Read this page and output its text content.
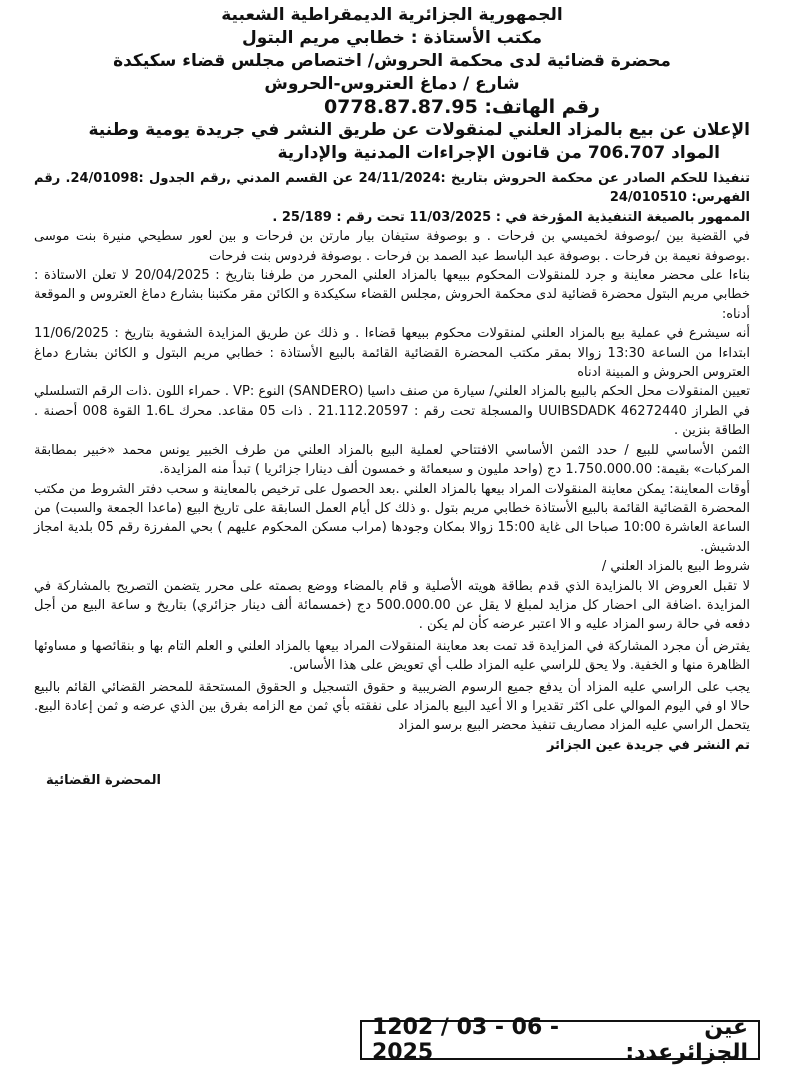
الجمهورية الجزائرية الديمقراطية الشعبية

مكتب الأستاذة : خطابي مريم البتول

محضرة قضائية لدى محكمة الحروش/ اختصاص مجلس قضاء سكيكدة

شارع / دماغ العتروس-الحروش

رقم الهاتف: 0778.87.87.95

الإعلان عن بيع بالمزاد العلني لمنقولات عن طريق النشر في جريدة يومية وطنية

المواد 706.707 من قانون الإجراءات المدنية والإدارية

تنفيذا للحكم الصادر عن محكمة الحروش بتاريخ :24/11/2024 عن القسم المدني ,رقم الجدول :24/01098. رقم الفهرس: 24/010510

الممهور بالصيغة التنفيذية المؤرخة في : 11/03/2025 تحت رقم : 25/189 .

في القضية بين /بوصوفة لخميسي بن فرحات . و بوصوفة ستيفان بيار مارتن بن فرحات و بين لعور سطيحي منيرة بنت موسى .بوصوفة نعيمة بن فرحات . بوصوفة عبد الباسط عبد الصمد بن فرحات . بوصوفة فردوس بنت فرحات

بناءا على محضر معاينة و جرد للمنقولات المحكوم ببيعها بالمزاد العلني المحرر من طرفنا بتاريخ : 20/04/2025 لا تعلن الاستاذة : خطابي مريم البتول محضرة قضائية لدى محكمة الحروش ,مجلس القضاء سكيكدة و الكائن مقر مكتبنا بشارع دماغ العتروس و الموقعة أدناه:

أنه سيشرع في عملية بيع بالمزاد العلني لمنقولات محكوم ببيعها قضاءا . و ذلك عن طريق المزايدة الشفوية بتاريخ : 11/06/2025 ابتداءا من الساعة 13:30 زوالا بمقر مكتب المحضرة القضائية القائمة بالبيع الأستاذة : خطابي مريم البتول و الكائن بشارع دماغ العتروس الحروش و المبينة ادناه

تعيين المنقولات محل الحكم بالبيع بالمزاد العلني/ سيارة من صنف داسيا (SANDERO) النوع :VP . حمراء اللون .ذات الرقم التسلسلي في الطراز UUIBSDADK 46272440 والمسجلة تحت رقم : 21.112.20597 . ذات 05 مقاعد. محرك 1.6L القوة 008 أحصنة . الطاقة بنزين .

الثمن الأساسي للبيع / حدد الثمن الأساسي الافتتاحي لعملية البيع بالمزاد العلني من طرف الخبير يونس محمد «خبير بمطابقة المركبات» بقيمة: 1.750.000.00 دج (واحد مليون و سبعمائة و خمسون ألف دينارا جزائريا ) تبدأ منه المزايدة.

أوقات المعاينة: يمكن معاينة المنقولات المراد بيعها بالمزاد العلني .بعد الحصول على ترخيص بالمعاينة و سحب دفتر الشروط من مكتب المحضرة القضائية القائمة بالبيع الأستاذة خطابي مريم بتول .و ذلك كل أيام العمل السابقة على تاريخ البيع (ماعدا الجمعة والسبت) من الساعة العاشرة 10:00 صباحا الى غاية 15:00 زوالا بمكان وجودها (مراب مسكن المحكوم عليهم ) بحي المفرزة رقم 05 بلدية امجاز الدشيش.

شروط البيع بالمزاد العلني /

لا تقبل العروض الا بالمزايدة الذي قدم بطاقة هويته الأصلية و قام بالمضاء ووضع بصمته على محرر يتضمن التصريح بالمشاركة في المزايدة .اضافة الى احضار كل مزايد لمبلغ لا يقل عن 500.000.00 دج (خمسمائة ألف دينار جزائري) بتاريخ و ساعة البيع من أجل دفعه في حالة رسو المزاد عليه و الا اعتبر عرضه كأن لم يكن .

يفترض أن مجرد المشاركة في المزايدة قد تمت بعد معاينة المنقولات المراد بيعها بالمزاد العلني و العلم التام بها و بنقائصها و مساوئها الظاهرة منها و الخفية. ولا يحق للراسي عليه المزاد طلب أي تعويض على هذا الأساس.

يجب على الراسي عليه المزاد أن يدفع جميع الرسوم الضريبية و حقوق التسجيل و الحقوق المستحقة للمحضر القضائي القائم بالبيع حالا او في اليوم الموالي على اكثر تقديرا و الا أعيد البيع بالمزاد على نفقته بأي ثمن مع الزامه بفرق بين الذي عرضه و ثمن إعادة البيع. يتحمل الراسي عليه المزاد مصاريف تنفيذ محضر البيع برسو المزاد

تم النشر في جريدة عين الجزائر

المحضرة القضائية

عين الجزائرعدد:
1202 / 03 - 06 - 2025
